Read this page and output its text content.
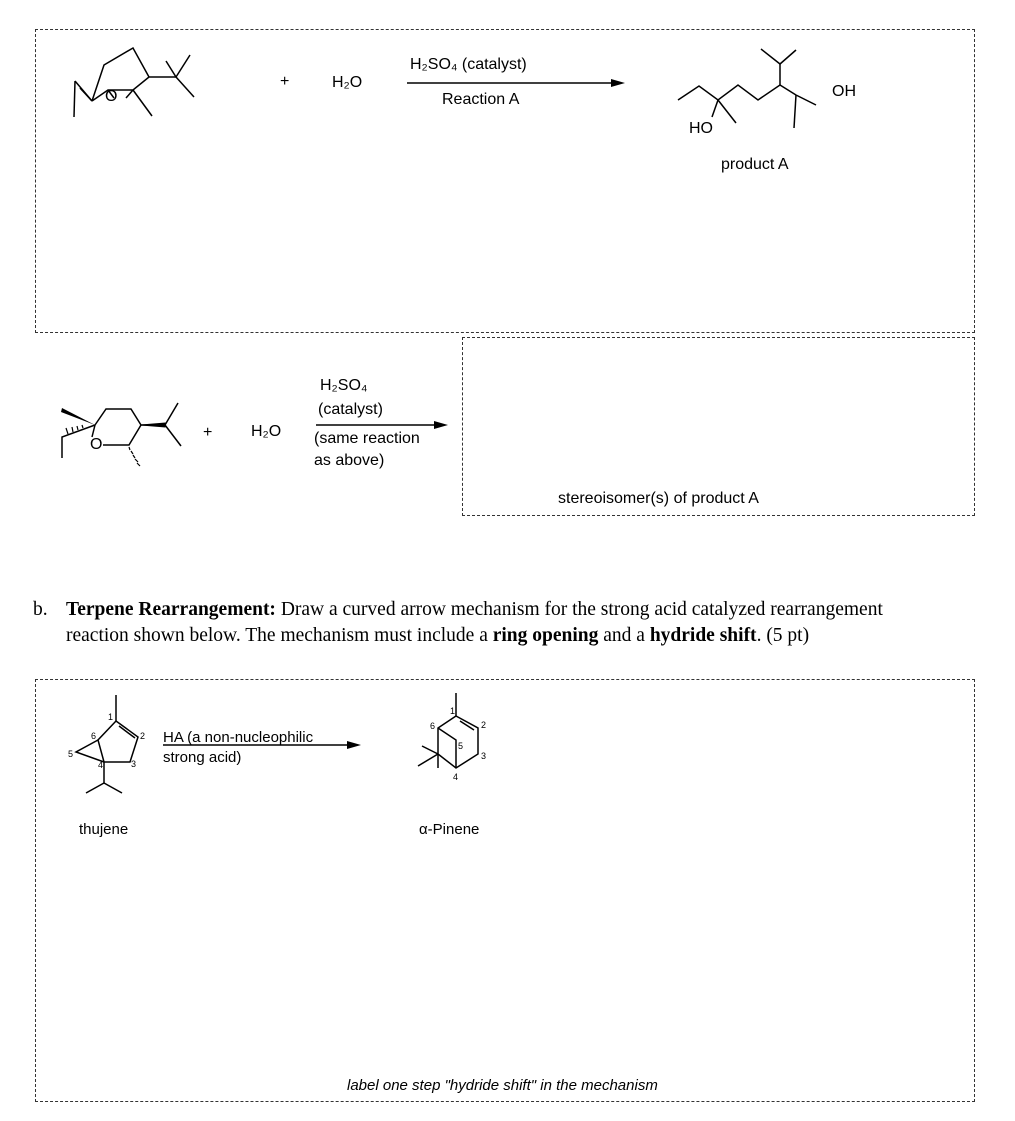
O
+	H₂O
H₂SO₄ (catalyst)
Reaction A	OH
HO
product A
O
+ H₂O
H₂SO₄
(catalyst)
(same reaction
as above)
stereoisomer(s) of product A
b. Terpene Rearrangement: Draw a curved arrow mechanism for the strong acid catalyzed rearrangement
reaction shown below. The mechanism must include a ring opening and a hydride shift. (5 pt)
1
2
3
4
5
6	HA (a non-nucleophilic
strong acid)
thujene
1
2
3
4
5
6
α-Pinene
label one step "hydride shift" in the mechanism
